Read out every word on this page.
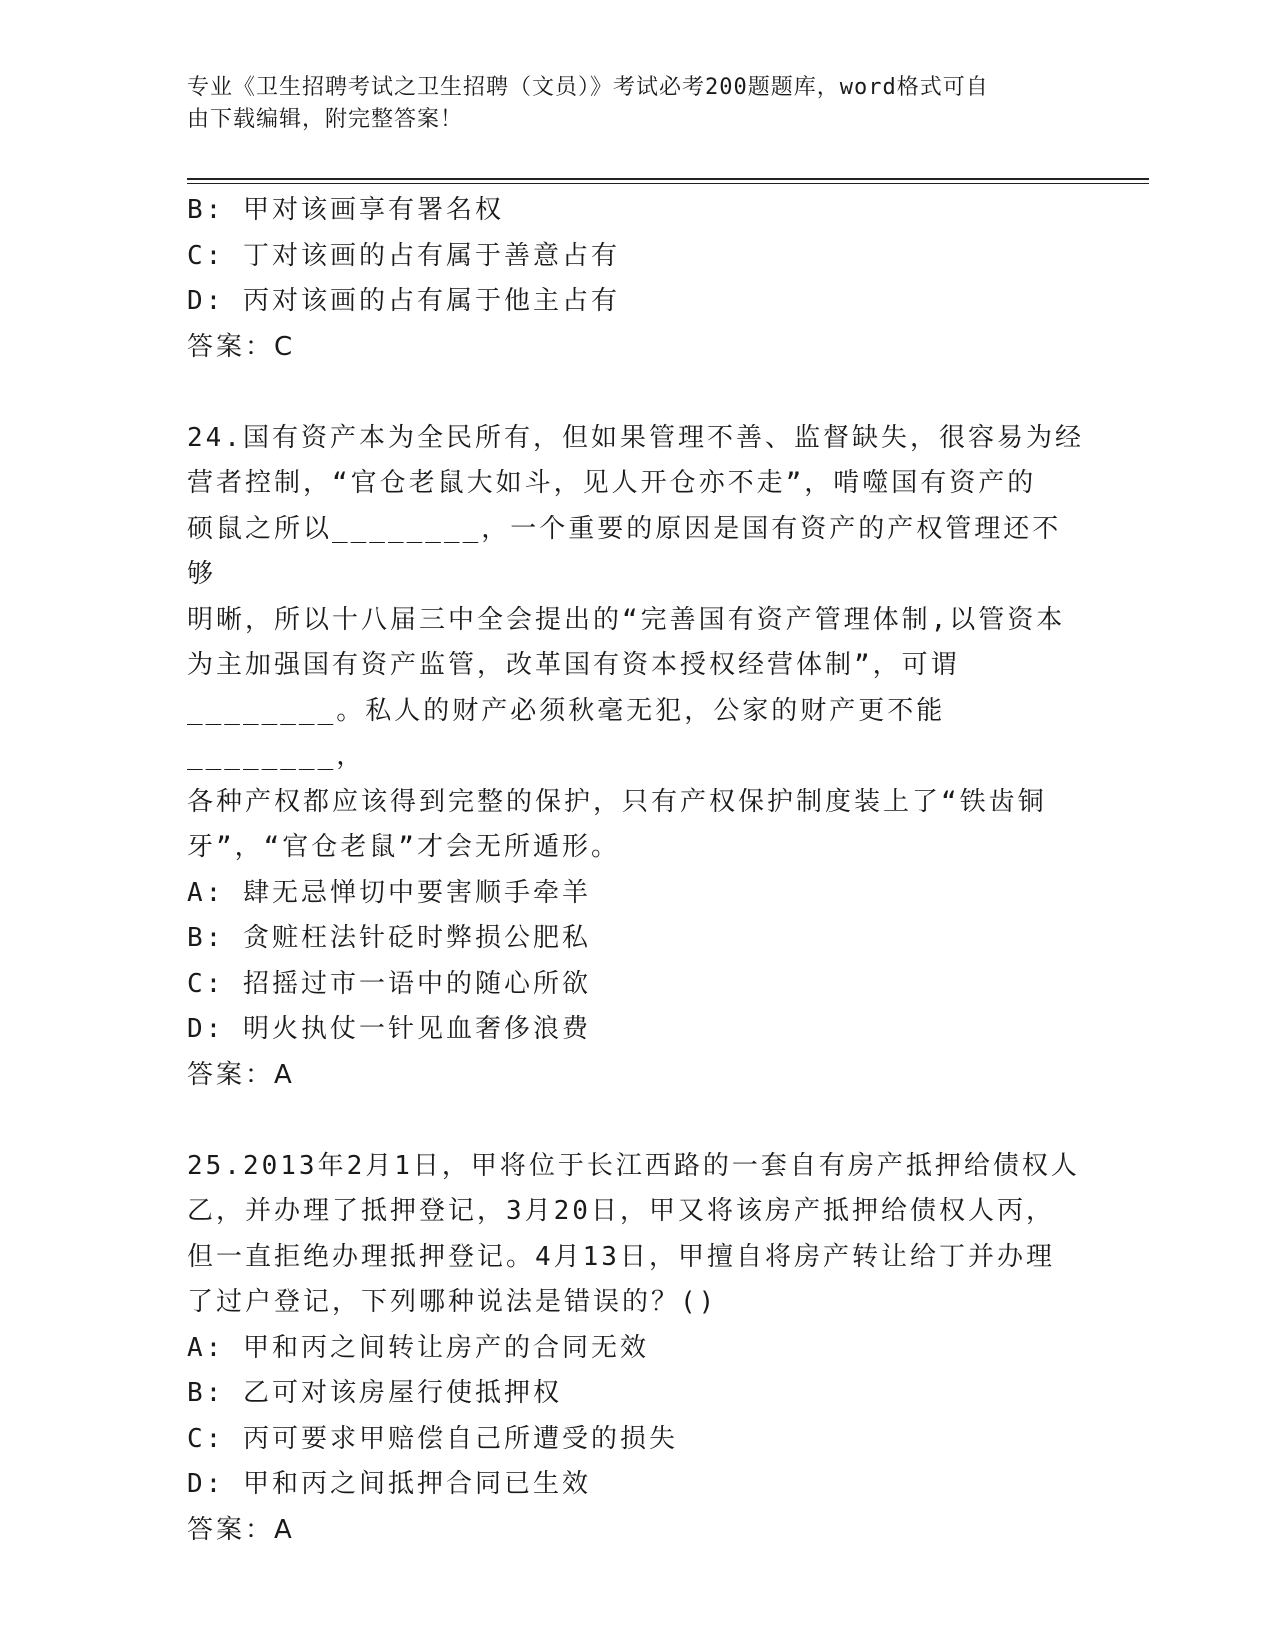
专业《卫生招聘考试之卫生招聘（文员）》考试必考200题题库，word格式可自
由下载编辑，附完整答案！

B: 甲对该画享有署名权

C: 丁对该画的占有属于善意占有

D: 丙对该画的占有属于他主占有

答案：C

24.国有资产本为全民所有，但如果管理不善、监督缺失，很容易为经

营者控制，“官仓老鼠大如斗，见人开仓亦不走”，啃噬国有资产的

硕鼠之所以________，一个重要的原因是国有资产的产权管理还不够

明晰，所以十八届三中全会提出的“完善国有资产管理体制,以管资本

为主加强国有资产监管，改革国有资本授权经营体制”，可谓

________。私人的财产必须秋毫无犯，公家的财产更不能________，

各种产权都应该得到完整的保护，只有产权保护制度装上了“铁齿铜

牙”，“官仓老鼠”才会无所遁形。

A: 肆无忌惮切中要害顺手牵羊

B: 贪赃枉法针砭时弊损公肥私

C: 招摇过市一语中的随心所欲

D: 明火执仗一针见血奢侈浪费

答案：A

25.2013年2月1日，甲将位于长江西路的一套自有房产抵押给债权人

乙，并办理了抵押登记，3月20日，甲又将该房产抵押给债权人丙，

但一直拒绝办理抵押登记。4月13日，甲擅自将房产转让给丁并办理

了过户登记，下列哪种说法是错误的？()

A: 甲和丙之间转让房产的合同无效

B: 乙可对该房屋行使抵押权

C: 丙可要求甲赔偿自己所遭受的损失

D: 甲和丙之间抵押合同已生效

答案：A
